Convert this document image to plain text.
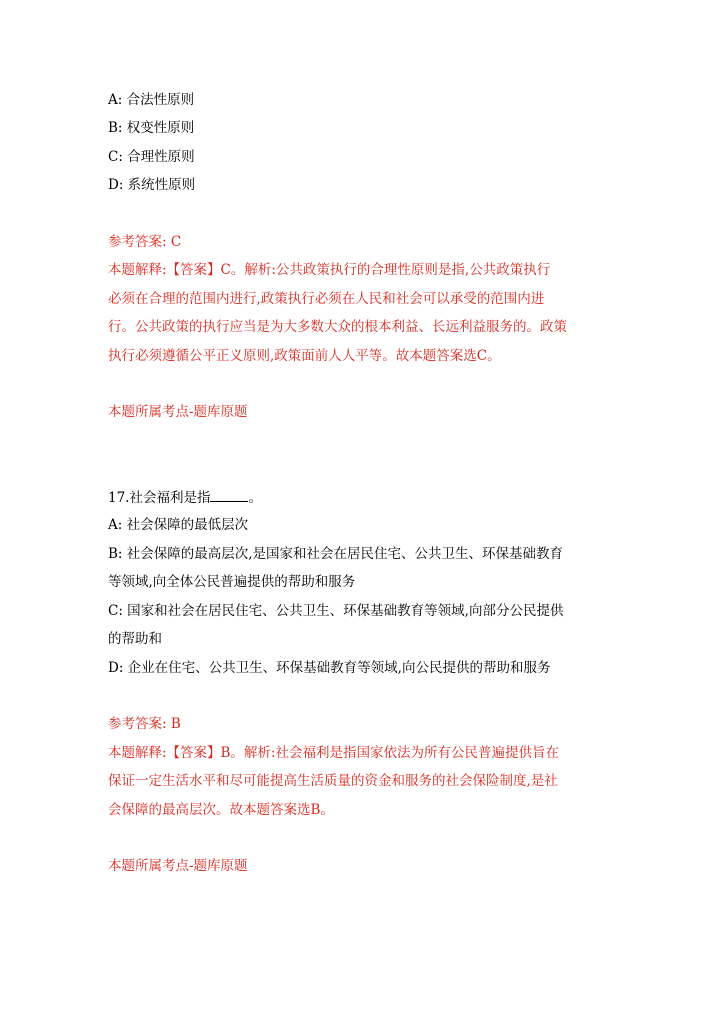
A: 合法性原则
B: 权变性原则
C: 合理性原则
D: 系统性原则
参考答案: C
本题解释:【答案】C。解析:公共政策执行的合理性原则是指,公共政策执行
必须在合理的范围内进行,政策执行必须在人民和社会可以承受的范围内进
行。公共政策的执行应当是为大多数大众的根本利益、长远利益服务的。政策
执行必须遵循公平正义原则,政策面前人人平等。故本题答案选C。
本题所属考点-题库原题
17.社会福利是指	。
A: 社会保障的最低层次
B: 社会保障的最高层次,是国家和社会在居民住宅、公共卫生、环保基础教育
等领域,向全体公民普遍提供的帮助和服务
C: 国家和社会在居民住宅、公共卫生、环保基础教育等领域,向部分公民提供
的帮助和
D: 企业在住宅、公共卫生、环保基础教育等领域,向公民提供的帮助和服务
参考答案: B
本题解释:【答案】B。解析:社会福利是指国家依法为所有公民普遍提供旨在
保证一定生活水平和尽可能提高生活质量的资金和服务的社会保险制度,是社
会保障的最高层次。故本题答案选B。
本题所属考点-题库原题
